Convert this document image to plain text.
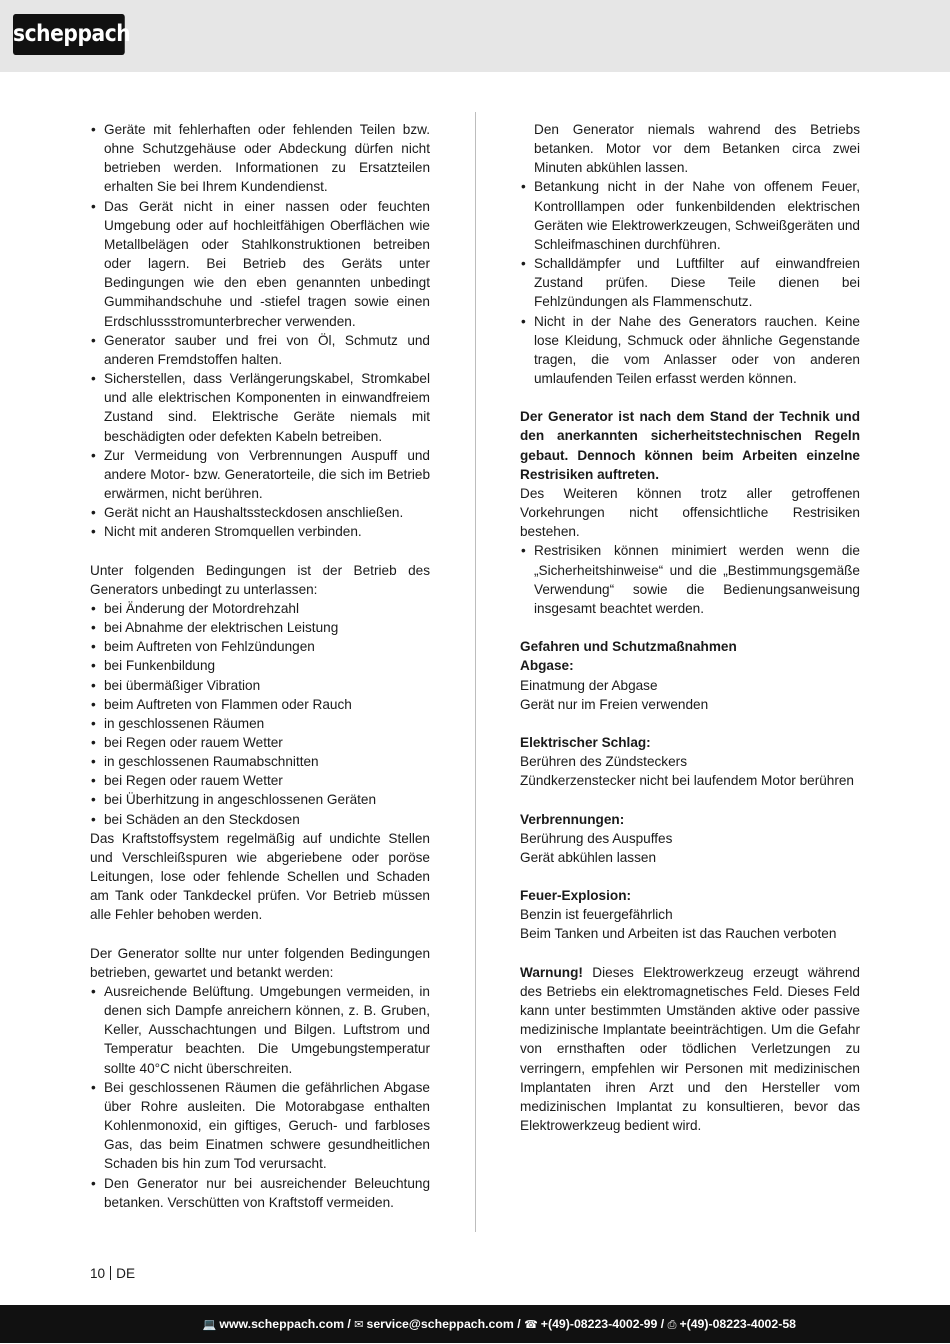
scheppach
• Geräte mit fehlerhaften oder fehlenden Teilen bzw. ohne Schutzgehäuse oder Abdeckung dürfen nicht betrieben werden. Informationen zu Ersatzteilen erhalten Sie bei Ihrem Kundendienst.
• Das Gerät nicht in einer nassen oder feuchten Umgebung oder auf hochleitfähigen Oberflächen wie Metallbelägen oder Stahlkonstruktionen betreiben oder lagern. Bei Betrieb des Geräts unter Bedingungen wie den eben genannten unbedingt Gummihandschuhe und -stiefel tragen sowie einen Erdschlussstromunterbrecher verwenden.
• Generator sauber und frei von Öl, Schmutz und anderen Fremdstoffen halten.
• Sicherstellen, dass Verlängerungskabel, Stromkabel und alle elektrischen Komponenten in einwandfreiem Zustand sind. Elektrische Geräte niemals mit beschädigten oder defekten Kabeln betreiben.
• Zur Vermeidung von Verbrennungen Auspuff und andere Motor- bzw. Generatorteile, die sich im Betrieb erwärmen, nicht berühren.
• Gerät nicht an Haushaltssteckdosen anschließen.
• Nicht mit anderen Stromquellen verbinden.

Unter folgenden Bedingungen ist der Betrieb des Generators unbedingt zu unterlassen:

• bei Änderung der Motordrehzahl
• bei Abnahme der elektrischen Leistung
• beim Auftreten von Fehlzündungen
• bei Funkenbildung
• bei übermäßiger Vibration
• beim Auftreten von Flammen oder Rauch
• in geschlossenen Räumen
• bei Regen oder rauem Wetter
• in geschlossenen Raumabschnitten
• bei Regen oder rauem Wetter
• bei Überhitzung in angeschlossenen Geräten
• bei Schäden an den Steckdosen

Das Kraftstoffsystem regelmäßig auf undichte Stellen und Verschleißspuren wie abgeriebene oder poröse Leitungen, lose oder fehlende Schellen und Schaden am Tank oder Tankdeckel prüfen. Vor Betrieb müssen alle Fehler behoben werden.

Der Generator sollte nur unter folgenden Bedingungen betrieben, gewartet und betankt werden:

• Ausreichende Belüftung. Umgebungen vermeiden, in denen sich Dampfe anreichern können, z. B. Gruben, Keller, Ausschachtungen und Bilgen. Luftstrom und Temperatur beachten. Die Umgebungstemperatur sollte 40°C nicht überschreiten.
• Bei geschlossenen Räumen die gefährlichen Abgase über Rohre ausleiten. Die Motorabgase enthalten Kohlenmonoxid, ein giftiges, Geruch- und farbloses Gas, das beim Einatmen schwere gesundheitlichen Schaden bis hin zum Tod verursacht.
• Den Generator nur bei ausreichender Beleuchtung betanken. Verschütten von Kraftstoff vermeiden.

Den Generator niemals wahrend des Betriebs betanken. Motor vor dem Betanken circa zwei Minuten abkühlen lassen.

• Betankung nicht in der Nahe von offenem Feuer, Kontrolllampen oder funkenbildenden elektrischen Geräten wie Elektrowerkzeugen, Schweißgeräten und Schleifmaschinen durchführen.
• Schalldämpfer und Luftfilter auf einwandfreien Zustand prüfen. Diese Teile dienen bei Fehlzündungen als Flammenschutz.
• Nicht in der Nahe des Generators rauchen. Keine lose Kleidung, Schmuck oder ähnliche Gegenstande tragen, die vom Anlasser oder von anderen umlaufenden Teilen erfasst werden können.

Der Generator ist nach dem Stand der Technik und den anerkannten sicherheitstechnischen Regeln gebaut. Dennoch können beim Arbeiten einzelne Restrisiken auftreten.

Des Weiteren können trotz aller getroffenen Vorkehrungen nicht offensichtliche Restrisiken bestehen.

• Restrisiken können minimiert werden wenn die „Sicherheitshinweise“ und die „Bestimmungsgemäße Verwendung“ sowie die Bedienungsanweisung insgesamt beachtet werden.

Gefahren und Schutzmaßnahmen

Abgase:

Einatmung der Abgase

Gerät nur im Freien verwenden

Elektrischer Schlag:

Berühren des Zündsteckers

Zündkerzenstecker nicht bei laufendem Motor berühren

Verbrennungen:

Berührung des Auspuffes

Gerät abkühlen lassen

Feuer-Explosion:

Benzin ist feuergefährlich

Beim Tanken und Arbeiten ist das Rauchen verboten

Warnung! Dieses Elektrowerkzeug erzeugt während des Betriebs ein elektromagnetisches Feld. Dieses Feld kann unter bestimmten Umständen aktive oder passive medizinische Implantate beeinträchtigen. Um die Gefahr von ernsthaften oder tödlichen Verletzungen zu verringern, empfehlen wir Personen mit medizinischen Implantaten ihren Arzt und den Hersteller vom medizinischen Implantat zu konsultieren, bevor das Elektrowerkzeug bedient wird.

10 DE
💻 www.scheppach.com / ✉ service@scheppach.com / ☎ +(49)-08223-4002-99 / ⎙ +(49)-08223-4002-58
